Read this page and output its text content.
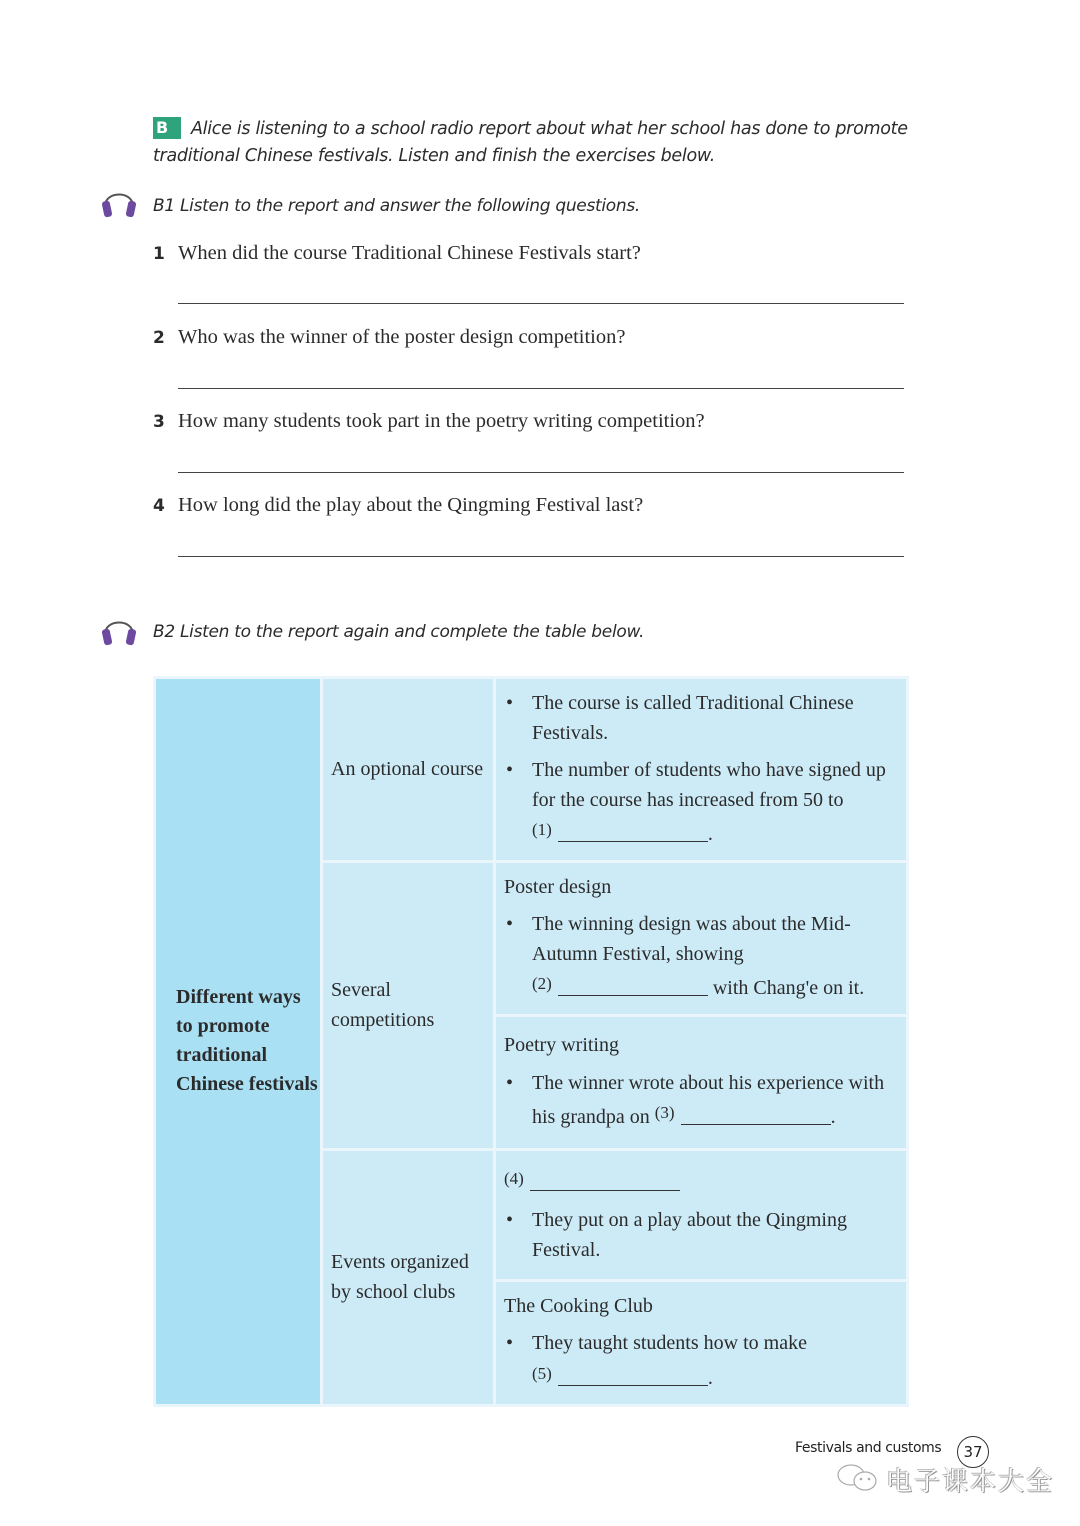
B Alice is listening to a school radio report about what her school has done to promote traditional Chinese festivals. Listen and finish the exercises below.
B1 Listen to the report and answer the following questions.
1 When did the course Traditional Chinese Festivals start?
2 Who was the winner of the poster design competition?
3 How many students took part in the poetry writing competition?
4 How long did the play about the Qingming Festival last?
B2 Listen to the report again and complete the table below.
Different ways to promote traditional Chinese festivals	An optional course	• The course is called Traditional Chinese Festivals.
• The number of students who have signed up for the course has increased from 50 to
$^{(1)}$ .

	Several competitions	Poster design
• The winning design was about the Mid-Autumn Festival, showing
$^{(2)}$ with Chang'e on it.

		Poetry writing
• The winner wrote about his experience with his grandpa on $^{(3)}$ .

	Events organized by school clubs	$^{(4)}$
• They put on a play about the Qingming Festival.

		The Cooking Club
• They taught students how to make
$^{(5)}$ .
Festivals and customs	37
电子课本大全
